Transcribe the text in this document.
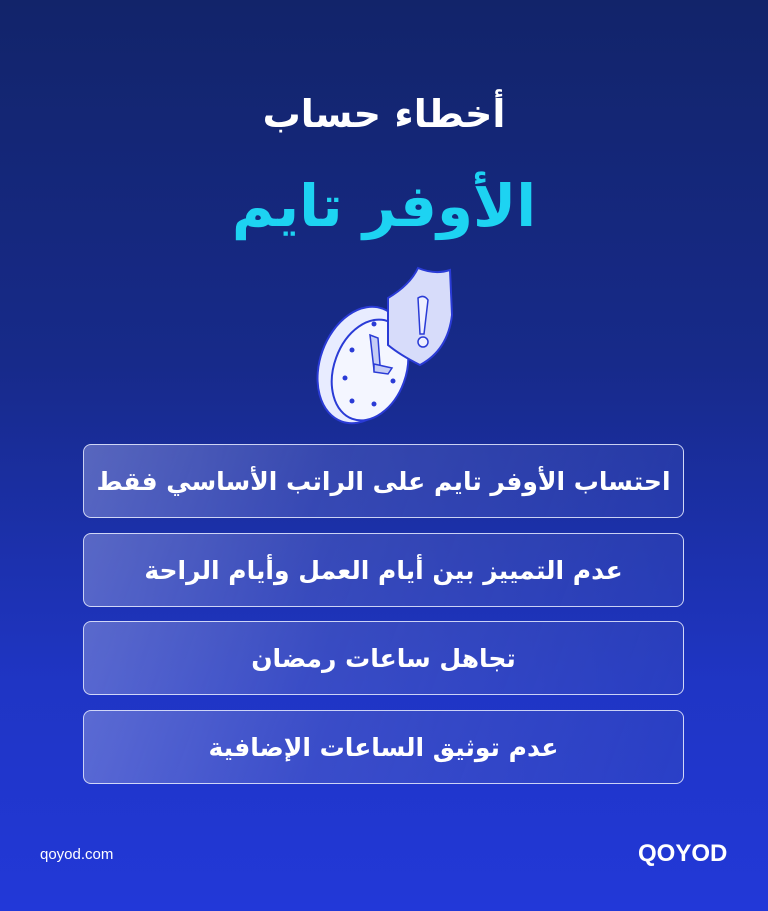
أخطاء حساب
الأوفر تايم
احتساب الأوفر تايم على الراتب الأساسي فقط
عدم التمييز بين أيام العمل وأيام الراحة
تجاهل ساعات رمضان
عدم توثيق الساعات الإضافية
qoyod.com	QOYOD
